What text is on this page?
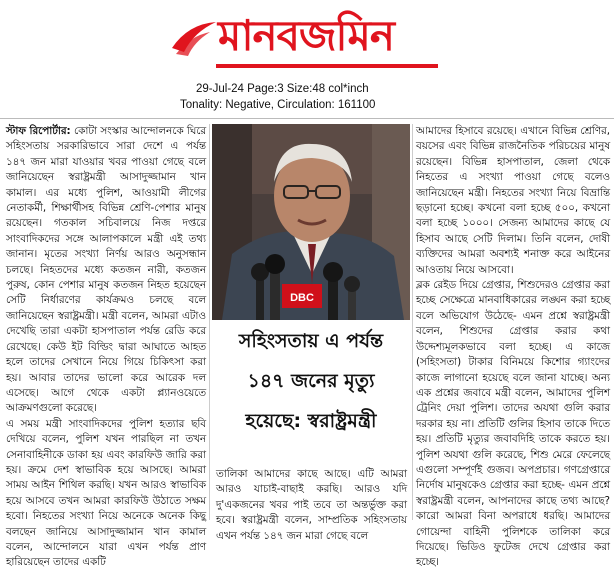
মানবজমিন
29-Jul-24 Page:3 Size:48 col*inch
Tonality: Negative, Circulation: 161100

স্টাফ রিপোর্টার: কোটা সংস্কার আন্দোলনকে ঘিরে সহিংসতায় সরকারিভাবে সারা দেশে এ পর্যন্ত ১৪৭ জন মারা যাওয়ার খবর পাওয়া গেছে বলে জানিয়েছেন স্বরাষ্ট্রমন্ত্রী আসাদুজ্জামান খান কামাল। এর মধ্যে পুলিশ, আওয়ামী লীগের নেতাকর্মী, শিক্ষার্থীসহ বিভিন্ন শ্রেণি-পেশার মানুষ রয়েছেন। গতকাল সচিবালয়ে নিজ দপ্তরে সাংবাদিকদের সঙ্গে আলাপকালে মন্ত্রী এই তথ্য জানান। মৃতের সংখ্যা নির্ণয় আরও অনুসন্ধান চলছে। নিহতদের মধ্যে কতজন নারী, কতজন পুরুষ, কোন পেশার মানুষ কতজন নিহত হয়েছেন সেটি নির্ধারণের কার্যক্রমও চলছে বলে জানিয়েছেন স্বরাষ্ট্রমন্ত্রী। মন্ত্রী বলেন, আমরা এটাও দেখেছি তারা একটা হাসপাতাল পর্যন্ত রেডি করে রেখেছে। কেউ ইট বিল্ডিং দ্বারা আঘাতে আহত হলে তাদের সেখানে নিয়ে গিয়ে চিকিৎসা করা হয়। আবার তাদের ভালো করে আরেক দল এসেছে। আগে থেকে একটা প্ল্যানওয়েতে আক্রমণগুলো করেছে।

এ সময় মন্ত্রী সাংবাদিকদের পুলিশ হত্যার ছবি দেখিয়ে বলেন, পুলিশ যখন পারছিল না তখন সেনাবাহিনীকে ডাকা হয় এবং কারফিউ জারি করা হয়। ক্রমে দেশ স্বাভাবিক হয়ে আসছে। আমরা সাময় আইন শিথিল করছি। যখন আরও স্বাভাবিক হয়ে আসবে তখন আমরা কারফিউ উঠাতে সক্ষম হবো। নিহতের সংখ্যা নিয়ে অনেকে অনেক কিছু বলছেন জানিয়ে আসাদুজ্জামান খান কামাল বলেন, আন্দোলনে যারা এখন পর্যন্ত প্রাণ হারিয়েছেন তাদের একটি

DBC
সহিংসতায় এ পর্যন্ত
১৪৭ জনের মৃত্যু
হয়েছে: স্বরাষ্ট্রমন্ত্রী

তালিকা আমাদের কাছে আছে। এটি আমরা আরও যাচাই-বাছাই করছি। আরও যদি দু'একজনের খবর পাই তবে তা অন্তর্ভুক্ত করা হবে। স্বরাষ্ট্রমন্ত্রী বলেন, সাম্প্রতিক সহিংসতায় এখন পর্যন্ত ১৪৭ জন মারা গেছে বলে

আমাদের হিসাবে রয়েছে। এখানে বিভিন্ন শ্রেণির, বয়সের এবং বিভিন্ন রাজনৈতিক পরিচয়ের মানুষ রয়েছেন। বিভিন্ন হাসপাতাল, জেলা থেকে নিহতের এ সংখ্যা পাওয়া গেছে বলেও জানিয়েছেন মন্ত্রী। নিহতের সংখ্যা নিয়ে বিভ্রান্তি ছড়ানো হচ্ছে। কখনো বলা হচ্ছে ৫০০, কখনো বলা হচ্ছে ১০০০। সেজন্য আমাদের কাছে যে হিসাব আছে সেটি দিলাম। তিনি বলেন, দোষী ব্যক্তিদের আমরা অবশ্যই শনাক্ত করে আইনের আওতায় নিয়ে আসবো।

ব্লক রেইড দিয়ে গ্রেপ্তার, শিশুদেরও গ্রেপ্তার করা হচ্ছে সেক্ষেত্রে মানবাধিকারের লঙ্ঘন করা হচ্ছে বলে অভিযোগ উঠেছে- এমন প্রশ্নে স্বরাষ্ট্রমন্ত্রী বলেন, শিশুদের গ্রেপ্তার করার কথা উদ্দেশ্যমূলকভাবে বলা হচ্ছে। এ কাজে (সহিংসতা) টাকার বিনিময়ে কিশোর গ্যাংদের কাজে লাগানো হয়েছে বলে জানা যাচ্ছে। অন্য এক প্রশ্নের জবাবে মন্ত্রী বলেন, আমাদের পুলিশ ট্রেনিং দেয়া পুলিশ। তাদের অযথা গুলি করার দরকার হয় না। প্রতিটি গুলির হিসাব তাকে দিতে হয়। প্রতিটি মৃত্যুর জবাবদিহি তাকে করতে হয়। পুলিশ অযথা গুলি করেছে, শিশু মেরে ফেলেছে এগুলো সম্পূর্ণই গুজব। অপপ্রচার। গণগ্রেপ্তারে নির্দোষ মানুষকেও গ্রেপ্তার করা হচ্ছে- এমন প্রশ্নে স্বরাষ্ট্রমন্ত্রী বলেন, আপনাদের কাছে তথ্য আছে? কারো আমরা বিনা অপরাধে ধরছি। আমাদের গোয়েন্দা বাহিনী পুলিশকে তালিকা করে দিয়েছে। ভিডিও ফুটেজ দেখে গ্রেপ্তার করা হচ্ছে।
